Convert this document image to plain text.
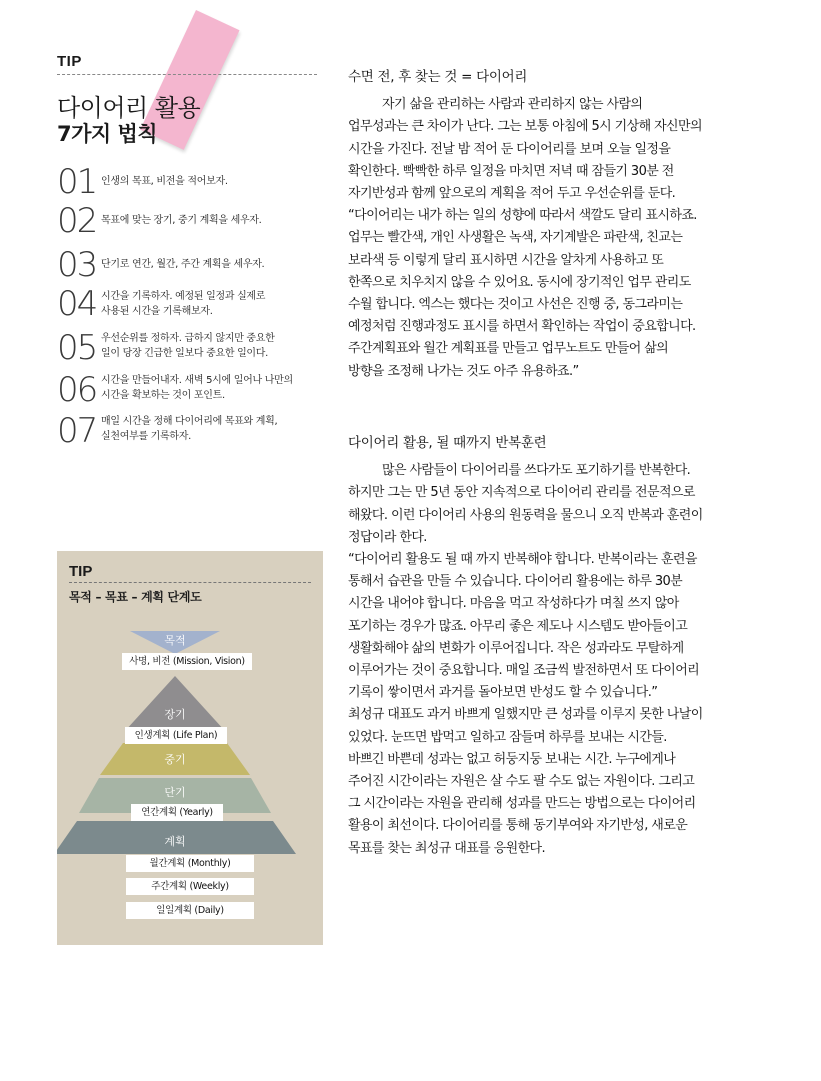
TIP
다이어리 활용
7가지 법칙
01 인생의 목표, 비전을 적어보자.
02 목표에 맞는 장기, 중기 계획을 세우자.
03 단기로 연간, 월간, 주간 계획을 세우자.
04 시간을 기록하자. 예정된 일정과 실제로
사용된 시간을 기록해보자.
05 우선순위를 정하자. 급하지 않지만 중요한
일이 당장 긴급한 일보다 중요한 일이다.
06 시간을 만들어내자. 새벽 5시에 일어나 나만의
시간을 확보하는 것이 포인트.
07 매일 시간을 정해 다이어리에 목표와 계획,
실천여부를 기록하자.
TIP
목적 – 목표 – 계획 단계도
목적
사명, 비전 (Mission, Vision)
장기
인생계획 (Life Plan)
중기
단기
연간계획 (Yearly)
계획
월간계획 (Monthly)
주간계획 (Weekly)
일일계획 (Daily)
수면 전, 후 찾는 것 = 다이어리
자기 삶을 관리하는 사람과 관리하지 않는 사람의
업무성과는 큰 차이가 난다. 그는 보통 아침에 5시 기상해 자신만의
시간을 가진다. 전날 밤 적어 둔 다이어리를 보며 오늘 일정을
확인한다. 빡빡한 하루 일정을 마치면 저녁 때 잠들기 30분 전
자기반성과 함께 앞으로의 계획을 적어 두고 우선순위를 둔다.
“다이어리는 내가 하는 일의 성향에 따라서 색깔도 달리 표시하죠.
업무는 빨간색, 개인 사생활은 녹색, 자기계발은 파란색, 친교는
보라색 등 이렇게 달리 표시하면 시간을 알차게 사용하고 또
한쪽으로 치우치지 않을 수 있어요. 동시에 장기적인 업무 관리도
수월 합니다. 엑스는 했다는 것이고 사선은 진행 중, 동그라미는
예정처럼 진행과정도 표시를 하면서 확인하는 작업이 중요합니다.
주간계획표와 월간 계획표를 만들고 업무노트도 만들어 삶의
방향을 조정해 나가는 것도 아주 유용하죠.”
다이어리 활용, 될 때까지 반복훈련
많은 사람들이 다이어리를 쓰다가도 포기하기를 반복한다.
하지만 그는 만 5년 동안 지속적으로 다이어리 관리를 전문적으로
해왔다. 이런 다이어리 사용의 원동력을 물으니 오직 반복과 훈련이
정답이라 한다.
“다이어리 활용도 될 때 까지 반복해야 합니다. 반복이라는 훈련을
통해서 습관을 만들 수 있습니다. 다이어리 활용에는 하루 30분
시간을 내어야 합니다. 마음을 먹고 작성하다가 며칠 쓰지 않아
포기하는 경우가 많죠. 아무리 좋은 제도나 시스템도 받아들이고
생활화해야 삶의 변화가 이루어집니다. 작은 성과라도 무탈하게
이루어가는 것이 중요합니다. 매일 조금씩 발전하면서 또 다이어리
기록이 쌓이면서 과거를 돌아보면 반성도 할 수 있습니다.”
최성규 대표도 과거 바쁘게 일했지만 큰 성과를 이루지 못한 나날이
있었다. 눈뜨면 밥먹고 일하고 잠들며 하루를 보내는 시간들.
바쁘긴 바쁜데 성과는 없고 허둥지둥 보내는 시간. 누구에게나
주어진 시간이라는 자원은 살 수도 팔 수도 없는 자원이다. 그리고
그 시간이라는 자원을 관리해 성과를 만드는 방법으로는 다이어리
활용이 최선이다. 다이어리를 통해 동기부여와 자기반성, 새로운
목표를 찾는 최성규 대표를 응원한다.
